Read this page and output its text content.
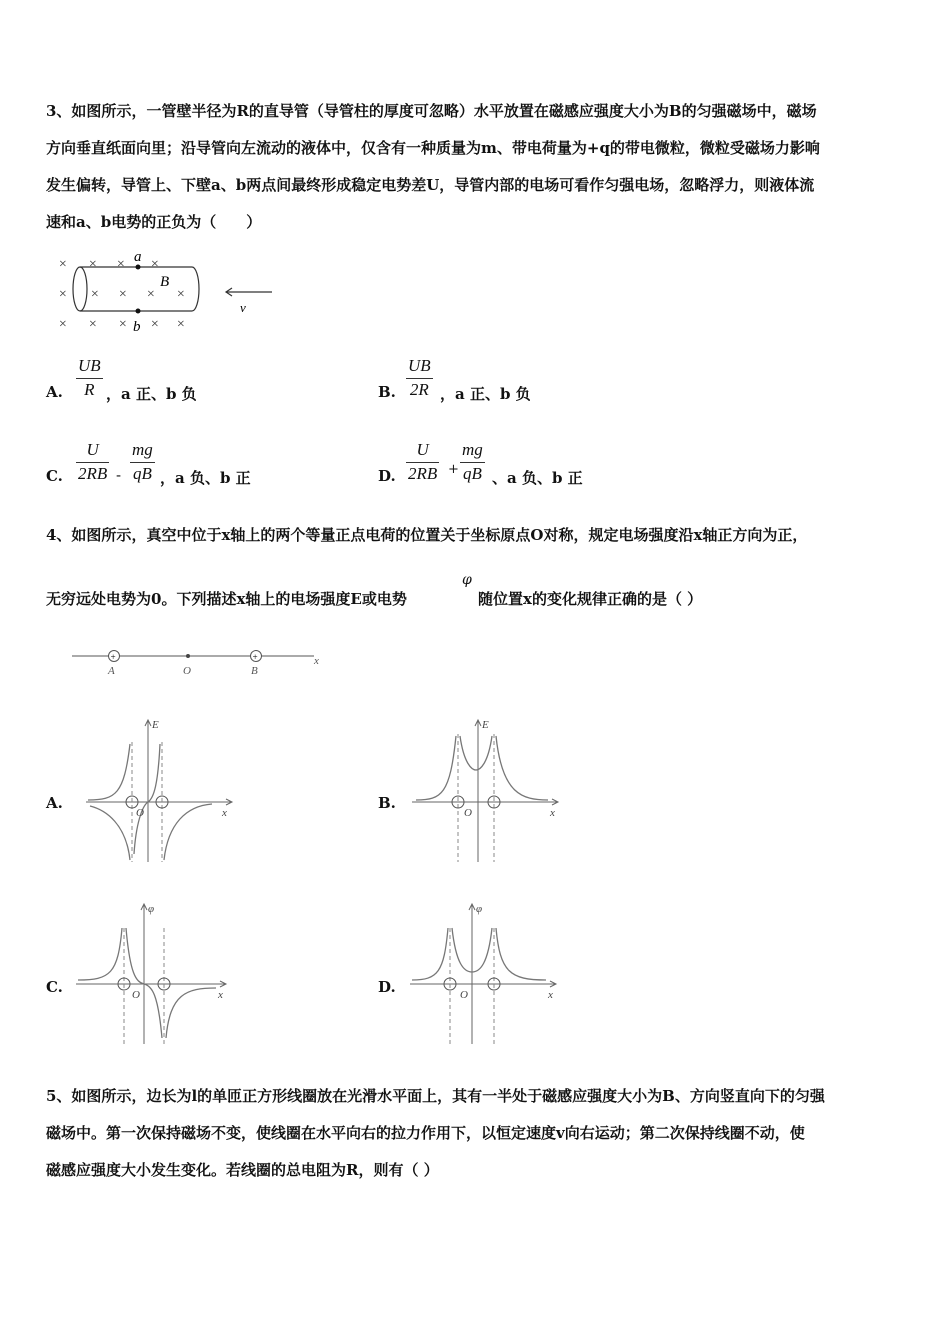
3、如图所示，一管壁半径为R的直导管（导管柱的厚度可忽略）水平放置在磁感应强度大小为B的匀强磁场中，磁场
方向垂直纸面向里；沿导管向左流动的液体中，仅含有一种质量为m、带电荷量为+q的带电微粒，微粒受磁场力影响
发生偏转，导管上、下壁a、b两点间最终形成稳定电势差U，导管内部的电场可看作匀强电场，忽略浮力，则液体流
速和a、b电势的正负为（　　）
× × × ×
× × × × ×
× × × × ×
a
b
B
v
A.
UB
R ，a 正、b 负	B.
UB
2R ，a 正、b 负
C.
U
2RB -
mg
qB ，a 负、b 正	D.
U
2RB +
mg
qB 、a 负、b 正
4、如图所示，真空中位于x轴上的两个等量正点电荷的位置关于坐标原点O对称，规定电场强度沿x轴正方向为正，
无穷远处电势为0。下列描述x轴上的电场强度E或电势
φ
随位置x的变化规律正确的是（ ）
+	+
A	O	B
x
A.	B.
C.	D.
E
O	x
E
O	x
φ
O	x
φ
O	x
5、如图所示，边长为l的单匝正方形线圈放在光滑水平面上，其有一半处于磁感应强度大小为B、方向竖直向下的匀强
磁场中。第一次保持磁场不变，使线圈在水平向右的拉力作用下，以恒定速度v向右运动；第二次保持线圈不动，使
磁感应强度大小发生变化。若线圈的总电阻为R，则有（ ）
